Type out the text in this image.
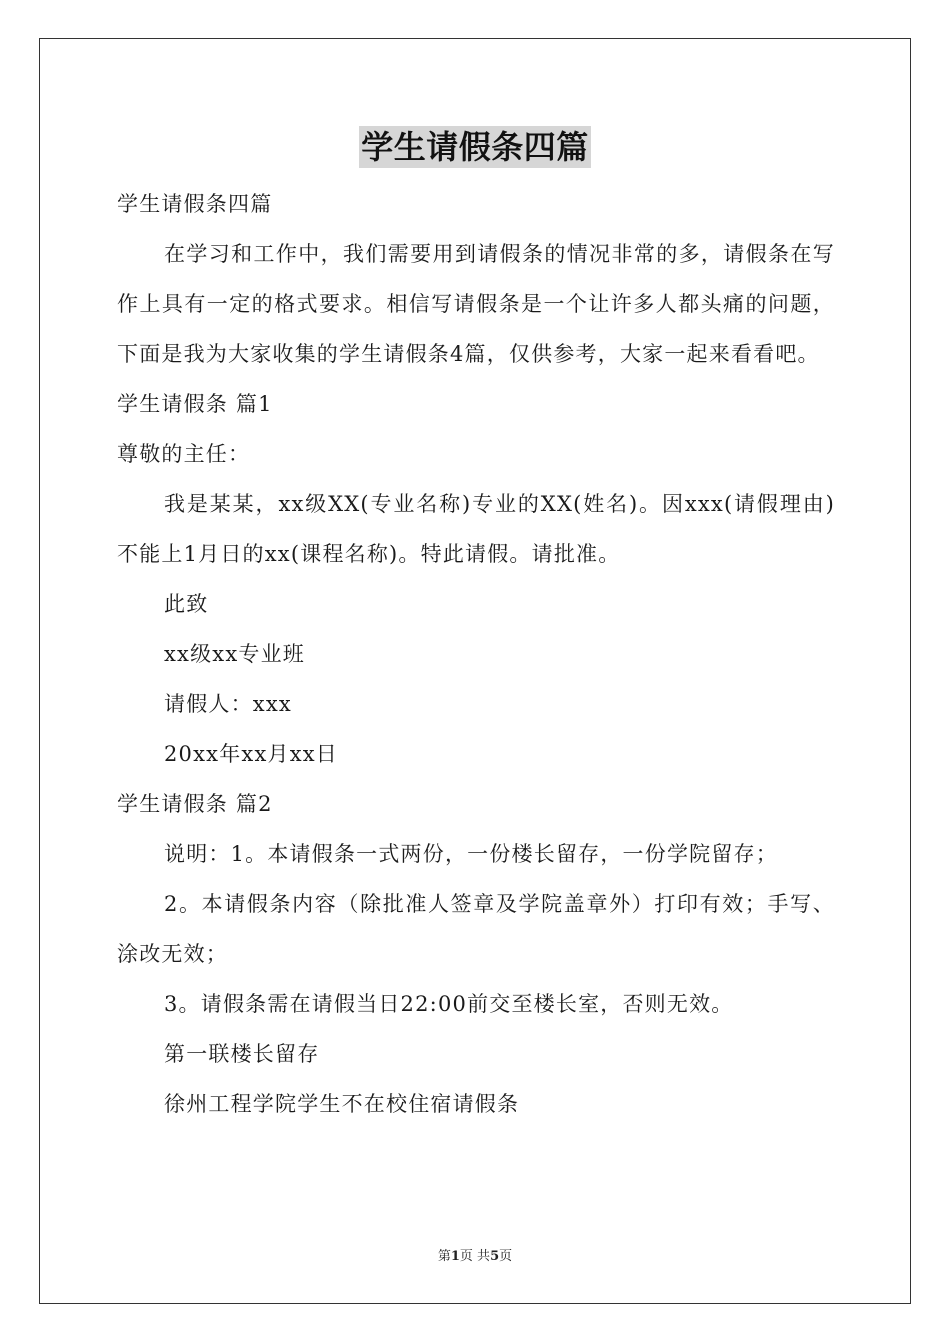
学生请假条四篇

学生请假条四篇

在学习和工作中，我们需要用到请假条的情况非常的多，请假条在写作上具有一定的格式要求。相信写请假条是一个让许多人都头痛的问题，下面是我为大家收集的学生请假条4篇，仅供参考，大家一起来看看吧。

学生请假条 篇1

尊敬的主任：

我是某某，xx级XX(专业名称)专业的XX(姓名)。因xxx(请假理由)不能上1月日的xx(课程名称)。特此请假。请批准。

此致

xx级xx专业班

请假人：xxx

20xx年xx月xx日

学生请假条 篇2

说明：1。本请假条一式两份，一份楼长留存，一份学院留存；

2。本请假条内容（除批准人签章及学院盖章外）打印有效；手写、涂改无效；

3。请假条需在请假当日22:00前交至楼长室，否则无效。

第一联楼长留存

徐州工程学院学生不在校住宿请假条

第1页 共5页
